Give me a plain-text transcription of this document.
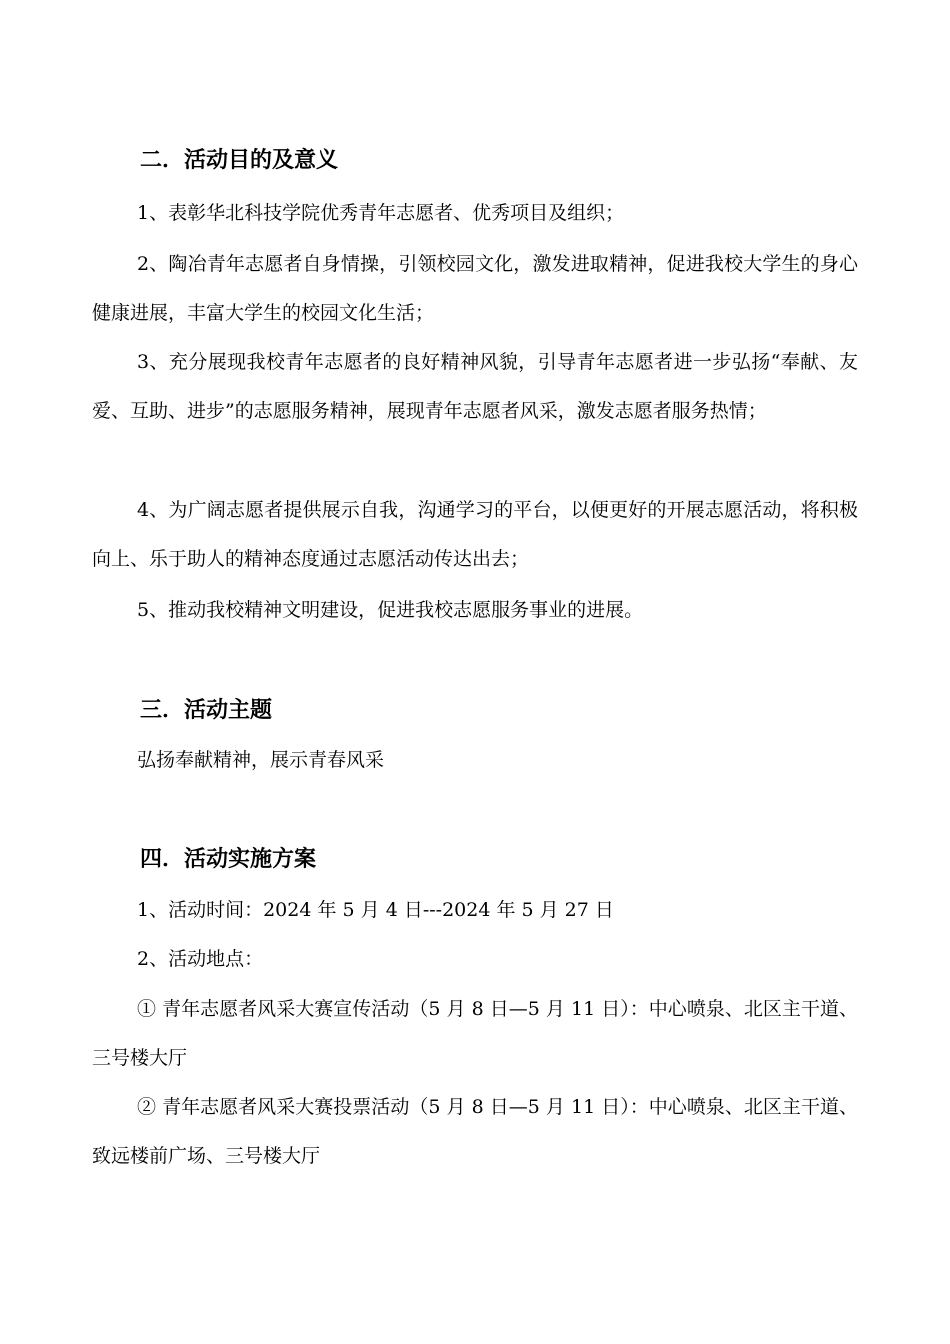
二．活动目的及意义
1、表彰华北科技学院优秀青年志愿者、优秀项目及组织；
2、陶冶青年志愿者自身情操，引领校园文化，激发进取精神，促进我校大学生的身心健康进展，丰富大学生的校园文化生活；
3、充分展现我校青年志愿者的良好精神风貌，引导青年志愿者进一步弘扬“奉献、友爱、互助、进步”的志愿服务精神，展现青年志愿者风采，激发志愿者服务热情；
4、为广阔志愿者提供展示自我，沟通学习的平台，以便更好的开展志愿活动，将积极向上、乐于助人的精神态度通过志愿活动传达出去；
5、推动我校精神文明建设，促进我校志愿服务事业的进展。
三．活动主题
弘扬奉献精神，展示青春风采
四．活动实施方案
1、活动时间：2024 年 5 月 4 日---2024 年 5 月 27 日
2、活动地点：
① 青年志愿者风采大赛宣传活动（5 月 8 日—5 月 11 日）：中心喷泉、北区主干道、三号楼大厅
② 青年志愿者风采大赛投票活动（5 月 8 日—5 月 11 日）：中心喷泉、北区主干道、致远楼前广场、三号楼大厅
